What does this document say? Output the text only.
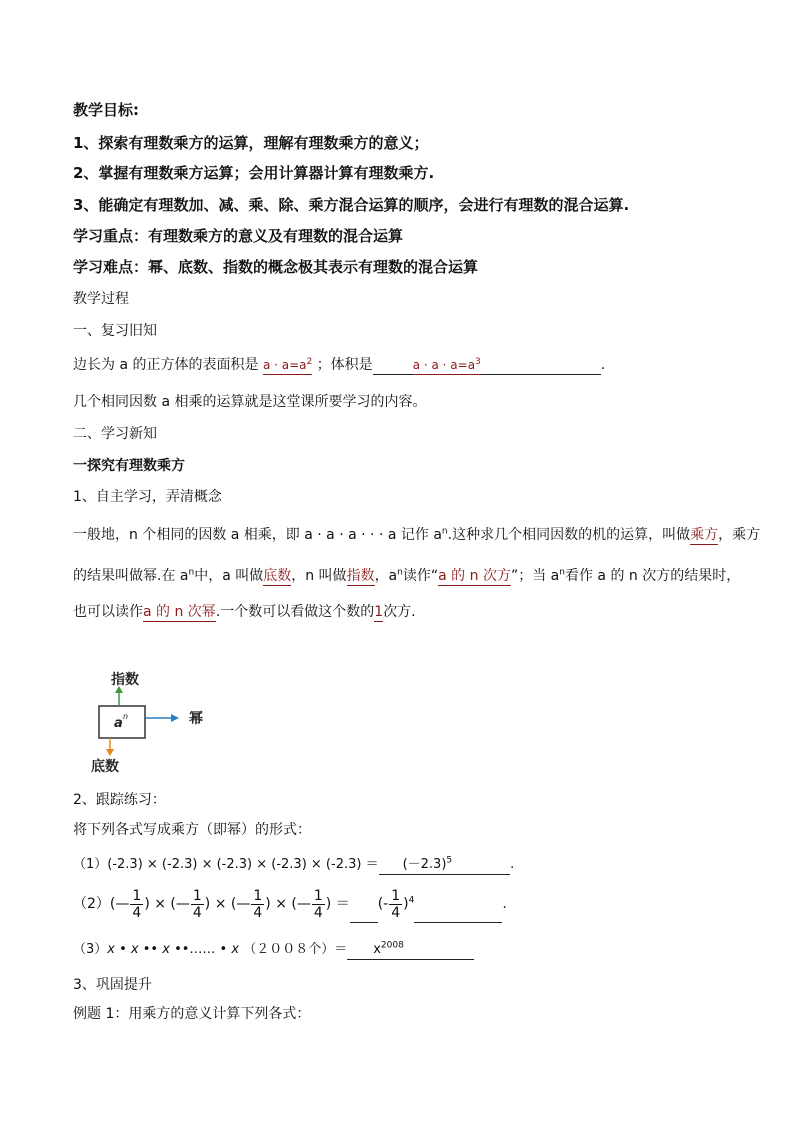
教学目标:
1、探索有理数乘方的运算，理解有理数乘方的意义；
2、掌握有理数乘方运算；会用计算器计算有理数乘方.
3、能确定有理数加、减、乘、除、乘方混合运算的顺序，会进行有理数的混合运算.
学习重点：有理数乘方的意义及有理数的混合运算
学习难点：幂、底数、指数的概念极其表示有理数的混合运算
教学过程
一、复习旧知
边长为 a 的正方体的表面积是 $a \cdot a=a^2$ ；体积是	$a \cdot a \cdot a=a^3$	.
几个相同因数 a 相乘的运算就是这堂课所要学习的内容。
二、学习新知
一探究有理数乘方
1、自主学习，弄清概念
一般地，n 个相同的因数 a 相乘，即 a · a · a · · · a 记作 $a^n$.这种求几个相同因数的机的运算，叫做乘方，乘方
的结果叫做幂.在 $a^n$中，a 叫做底数，n 叫做指数，$a^n$读作“a 的 n 次方”；当 $a^n$看作 a 的 n 次方的结果时，
也可以读作a 的 n 次幂.一个数可以看做这个数的1次方.
指数
幂
底数
a n
2、跟踪练习：
将下列各式写成乘方（即幂）的形式：
$(1)(-2.3) \times (-2.3) \times (-2.3) \times (-2.3) \times (-2.3) = (-2.3)^5$	.
（2）(— $\frac{1}{4}$ ) × (— $\frac{1}{4}$ ) × (— $\frac{1}{4}$ ) × (— $\frac{1}{4}$ ) ＝ (- $\frac{1}{4} )^4$	.
（3）x • x •• x ••…… • x （２００８个）＝ $x^{2008}$
3、巩固提升
例题 1：用乘方的意义计算下列各式：
